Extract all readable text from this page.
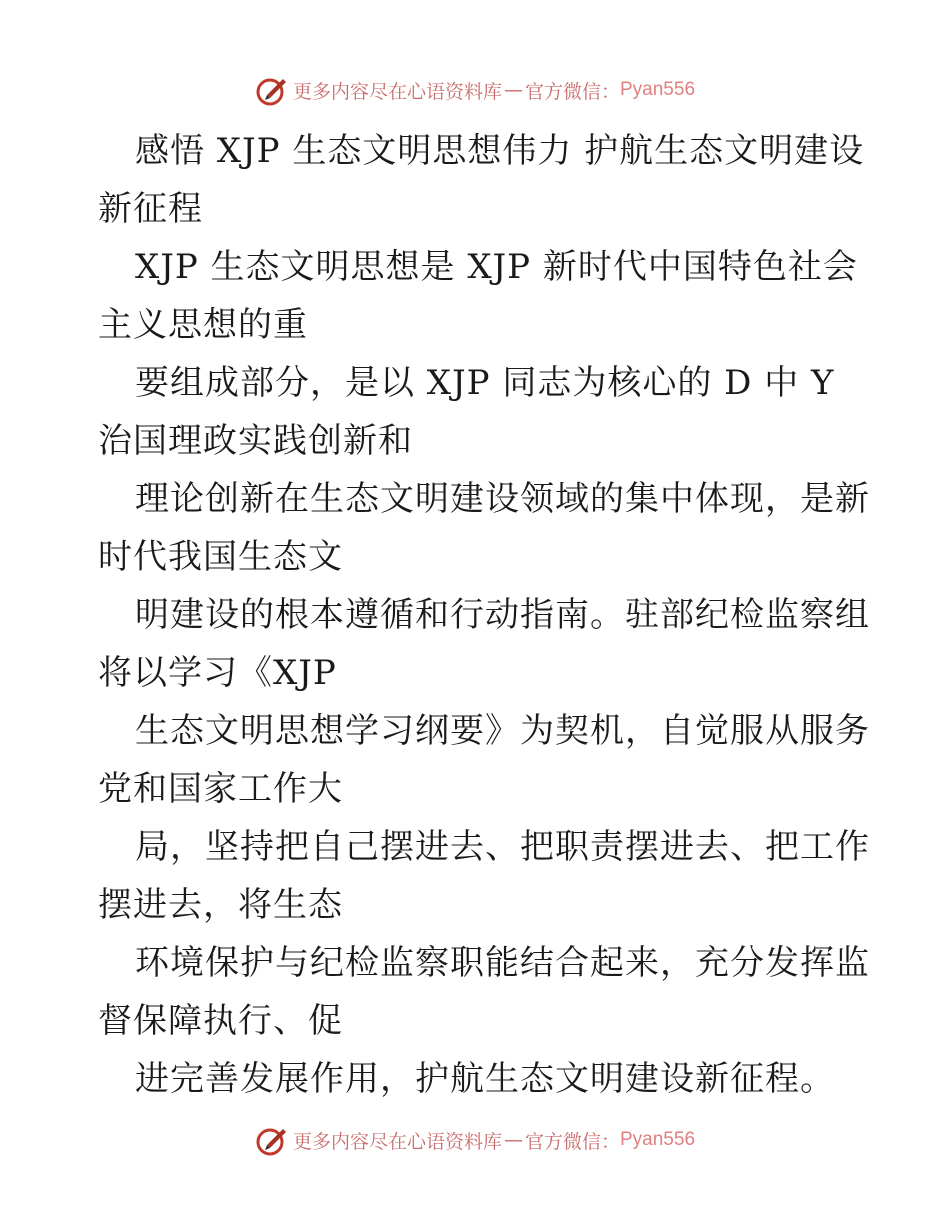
更多内容尽在心语资料库 — 官方微信： Pyan556

感悟 XJP 生态文明思想伟力 护航生态文明建设
新征程

XJP 生态文明思想是 XJP 新时代中国特色社会
主义思想的重

要组成部分，是以 XJP 同志为核心的 D 中 Y
治国理政实践创新和

理论创新在生态文明建设领域的集中体现，是新
时代我国生态文

明建设的根本遵循和行动指南。驻部纪检监察组
将以学习《XJP

生态文明思想学习纲要》为契机，自觉服从服务
党和国家工作大

局，坚持把自己摆进去、把职责摆进去、把工作
摆进去，将生态

环境保护与纪检监察职能结合起来，充分发挥监
督保障执行、促

进完善发展作用，护航生态文明建设新征程。

更多内容尽在心语资料库 — 官方微信： Pyan556
